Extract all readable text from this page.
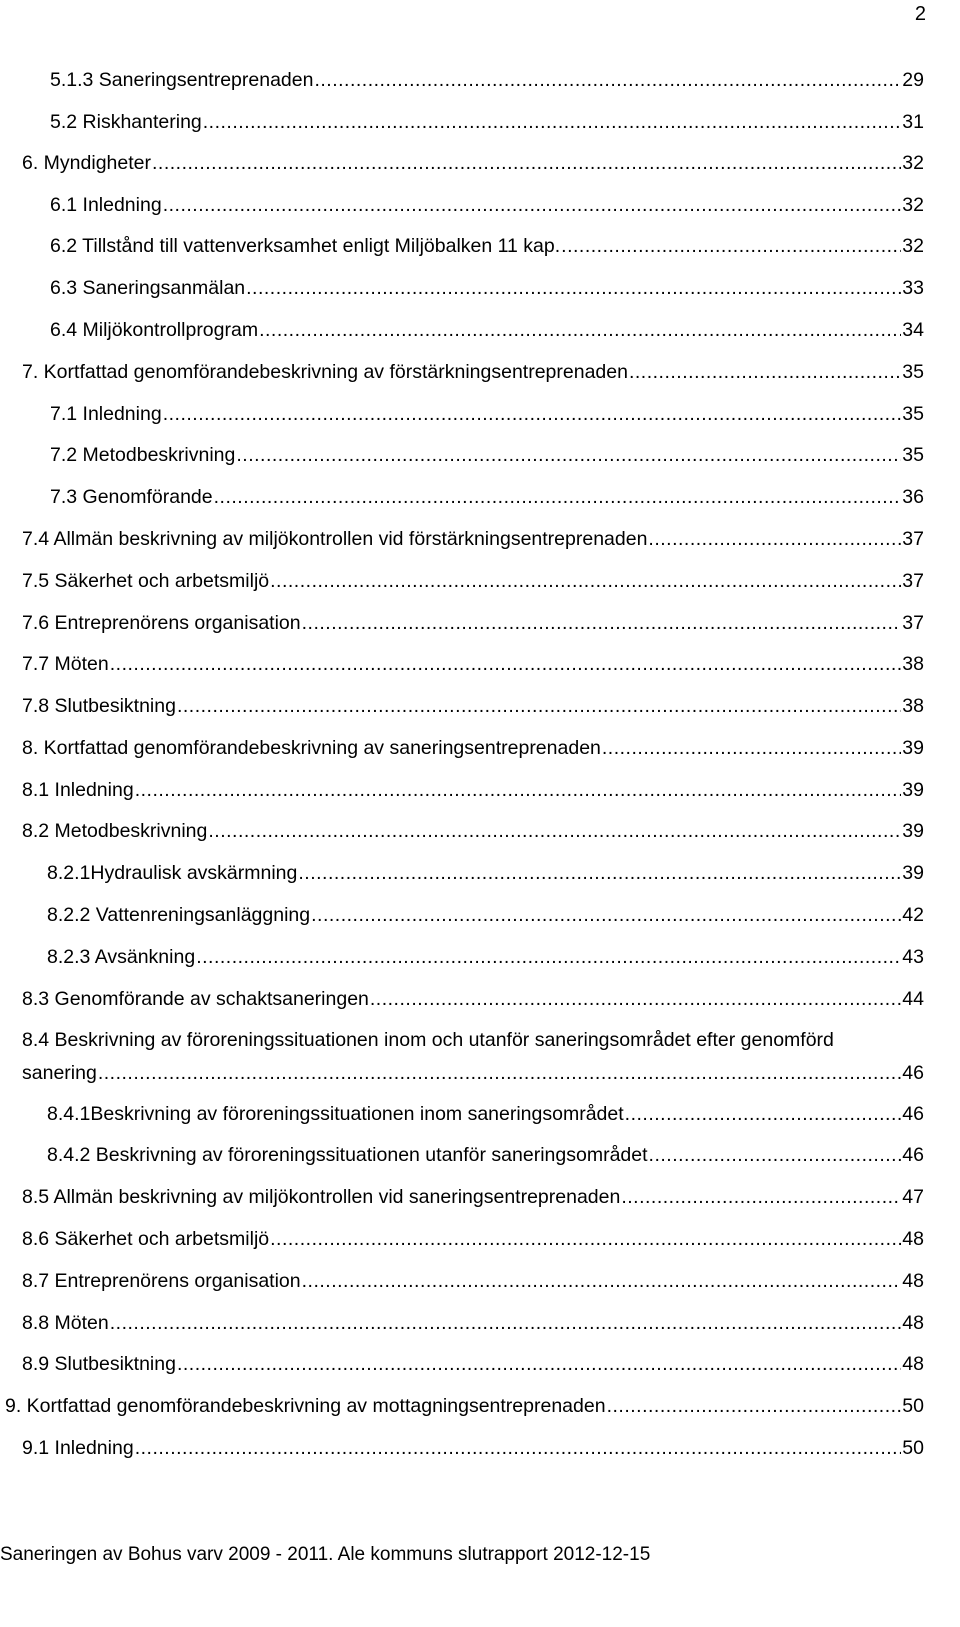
2
5.1.3 Saneringsentreprenaden .....	29
5.2 Riskhantering .....	31
6. Myndigheter .....	32
6.1 Inledning .....	32
6.2 Tillstånd till vattenverksamhet enligt Miljöbalken 11 kap. .....	32
6.3 Saneringsanmälan .....	33
6.4 Miljökontrollprogram .....	34
7. Kortfattad genomförandebeskrivning av förstärkningsentreprenaden .....	35
7.1 Inledning .....	35
7.2 Metodbeskrivning .....	35
7.3 Genomförande .....	36
7.4 Allmän beskrivning av miljökontrollen vid förstärkningsentreprenaden .....	37
7.5 Säkerhet och arbetsmiljö .....	37
7.6 Entreprenörens organisation .....	37
7.7 Möten .....	38
7.8 Slutbesiktning .....	38
8. Kortfattad genomförandebeskrivning av saneringsentreprenaden .....	39
8.1 Inledning .....	39
8.2 Metodbeskrivning .....	39
8.2.1Hydraulisk avskärmning .....	39
8.2.2 Vattenreningsanläggning .....	42
8.2.3 Avsänkning .....	43
8.3 Genomförande av schaktsaneringen .....	44
8.4 Beskrivning av föroreningssituationen inom och utanför saneringsområdet efter genomförd
sanering .....	46
8.4.1Beskrivning av föroreningssituationen inom saneringsområdet .....	46
8.4.2 Beskrivning av föroreningssituationen utanför saneringsområdet .....	46
8.5 Allmän beskrivning av miljökontrollen vid saneringsentreprenaden .....	47
8.6 Säkerhet och arbetsmiljö .....	48
8.7 Entreprenörens organisation .....	48
8.8 Möten .....	48
8.9 Slutbesiktning .....	48
9. Kortfattad genomförandebeskrivning av mottagningsentreprenaden .....	50
9.1 Inledning .....	50
Saneringen av Bohus varv 2009 - 2011. Ale kommuns slutrapport 2012-12-15
